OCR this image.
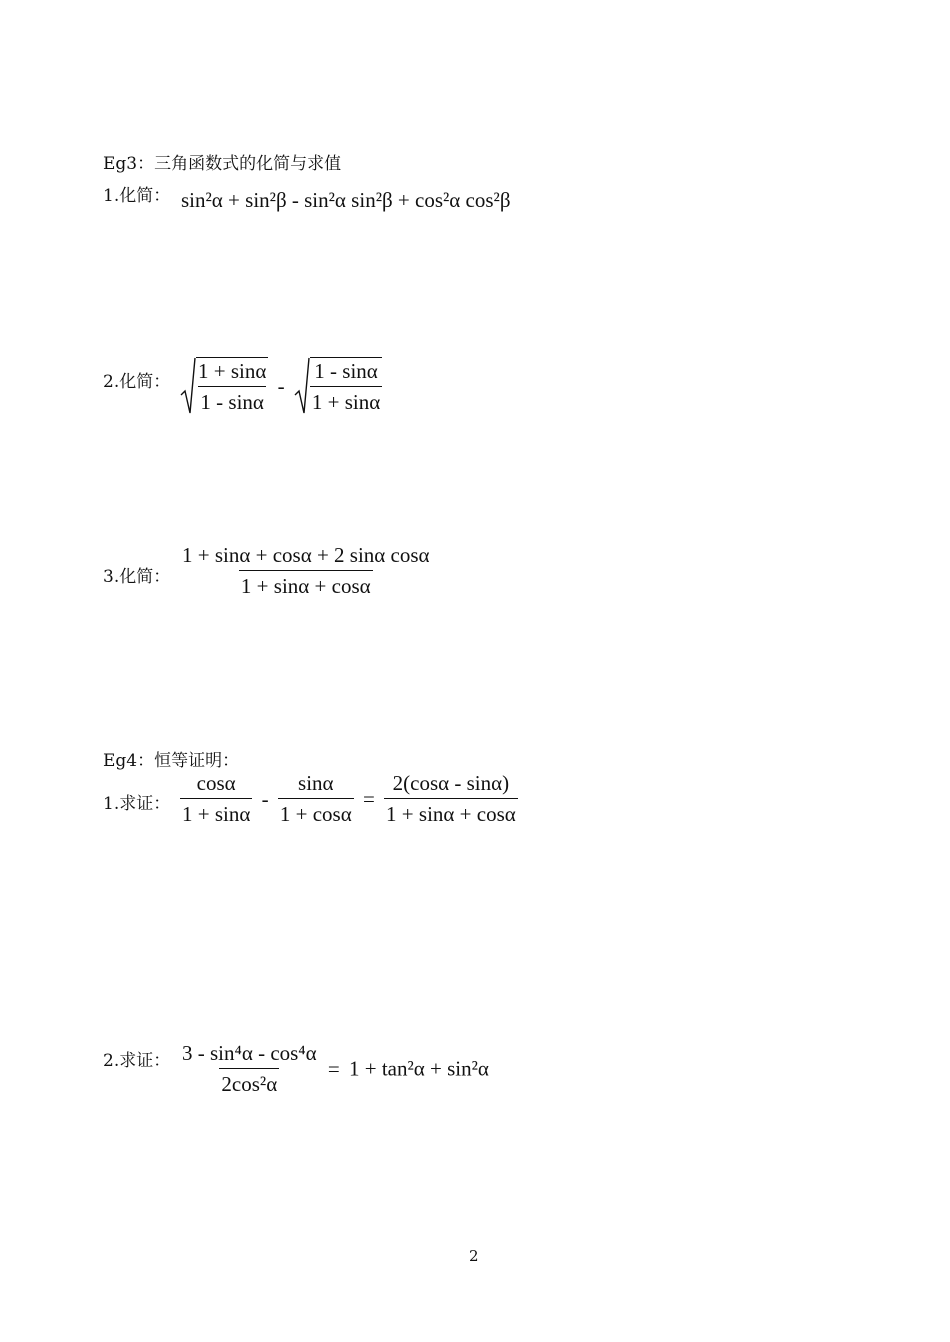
Eg3：三角函数式的化简与求值
1.化简： sin²α + sin²β - sin²α sin²β + cos²α cos²β
2.化简： $\frac{1 + \sin\alpha}{1 - \sin\alpha} - \frac{1 - \sin\alpha}{1 + \sin\alpha}$
3.化简： $\frac{\text{1 + sinα + cosα + 2 sinα cosα}}{1 + \sin\alpha + \cos\alpha}$
Eg4：恒等证明：
1.求证： $\frac{\cos\alpha}{1 + \sin\alpha} - \frac{\sin\alpha}{1 + \cos\alpha} = \frac{2(\cos\alpha - \sin\alpha)}{1 + \sin\alpha + \cos\alpha}$
2.求证： $\frac{\text{3 - sin⁴α - cos⁴α}}{\text{2cos²α}} = 1 + \tan^2\alpha + \sin^2\alpha$
2
